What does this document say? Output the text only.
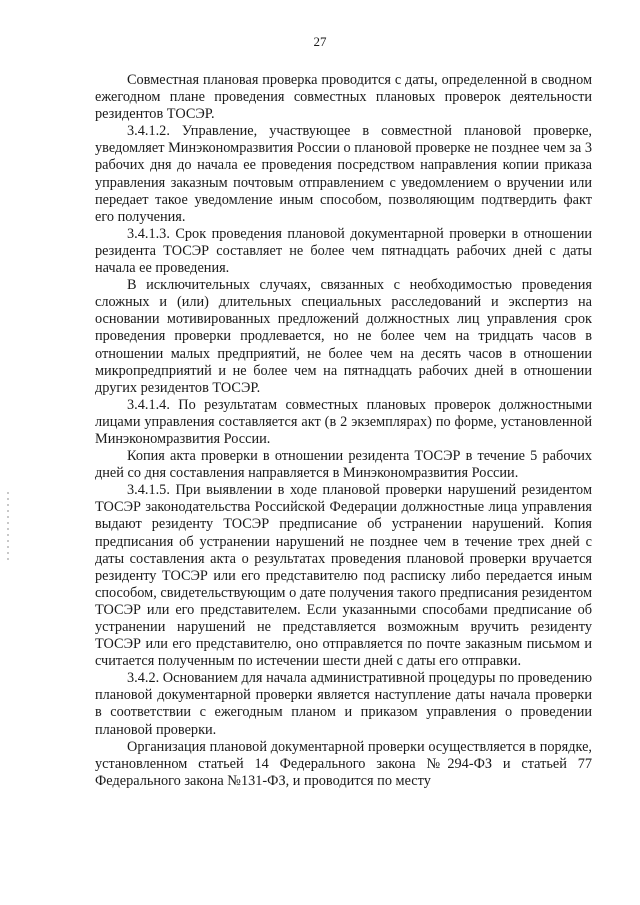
27

Совместная плановая проверка проводится с даты, определенной в сводном ежегодном плане проведения совместных плановых проверок деятельности резидентов ТОСЭР.

3.4.1.2. Управление, участвующее в совместной плановой проверке, уведомляет Минэкономразвития России о плановой проверке не позднее чем за 3 рабочих дня до начала ее проведения посредством направления копии приказа управления заказным почтовым отправлением с уведомлением о вручении или передает такое уведомление иным способом, позволяющим подтвердить факт его получения.

3.4.1.3. Срок проведения плановой документарной проверки в отношении резидента ТОСЭР составляет не более чем пятнадцать рабочих дней с даты начала ее проведения.

В исключительных случаях, связанных с необходимостью проведения сложных и (или) длительных специальных расследований и экспертиз на основании мотивированных предложений должностных лиц управления срок проведения проверки продлевается, но не более чем на тридцать часов в отношении малых предприятий, не более чем на десять часов в отношении микропредприятий и не более чем на пятнадцать рабочих дней в отношении других резидентов ТОСЭР.

3.4.1.4. По результатам совместных плановых проверок должностными лицами управления составляется акт (в 2 экземплярах) по форме, установленной Минэкономразвития России.

Копия акта проверки в отношении резидента ТОСЭР в течение 5 рабочих дней со дня составления направляется в Минэкономразвития России.

3.4.1.5. При выявлении в ходе плановой проверки нарушений резидентом ТОСЭР законодательства Российской Федерации должностные лица управления выдают резиденту ТОСЭР предписание об устранении нарушений. Копия предписания об устранении нарушений не позднее чем в течение трех дней с даты составления акта о результатах проведения плановой проверки вручается резиденту ТОСЭР или его представителю под расписку либо передается иным способом, свидетельствующим о дате получения такого предписания резидентом ТОСЭР или его представителем. Если указанными способами предписание об устранении нарушений не представляется возможным вручить резиденту ТОСЭР или его представителю, оно отправляется по почте заказным письмом и считается полученным по истечении шести дней с даты его отправки.

3.4.2. Основанием для начала административной процедуры по проведению плановой документарной проверки является наступление даты начала проверки в соответствии с ежегодным планом и приказом управления о проведении плановой проверки.

Организация плановой документарной проверки осуществляется в порядке, установленном статьей 14 Федерального закона №294-ФЗ и статьей 77 Федерального закона №131-ФЗ, и проводится по месту
